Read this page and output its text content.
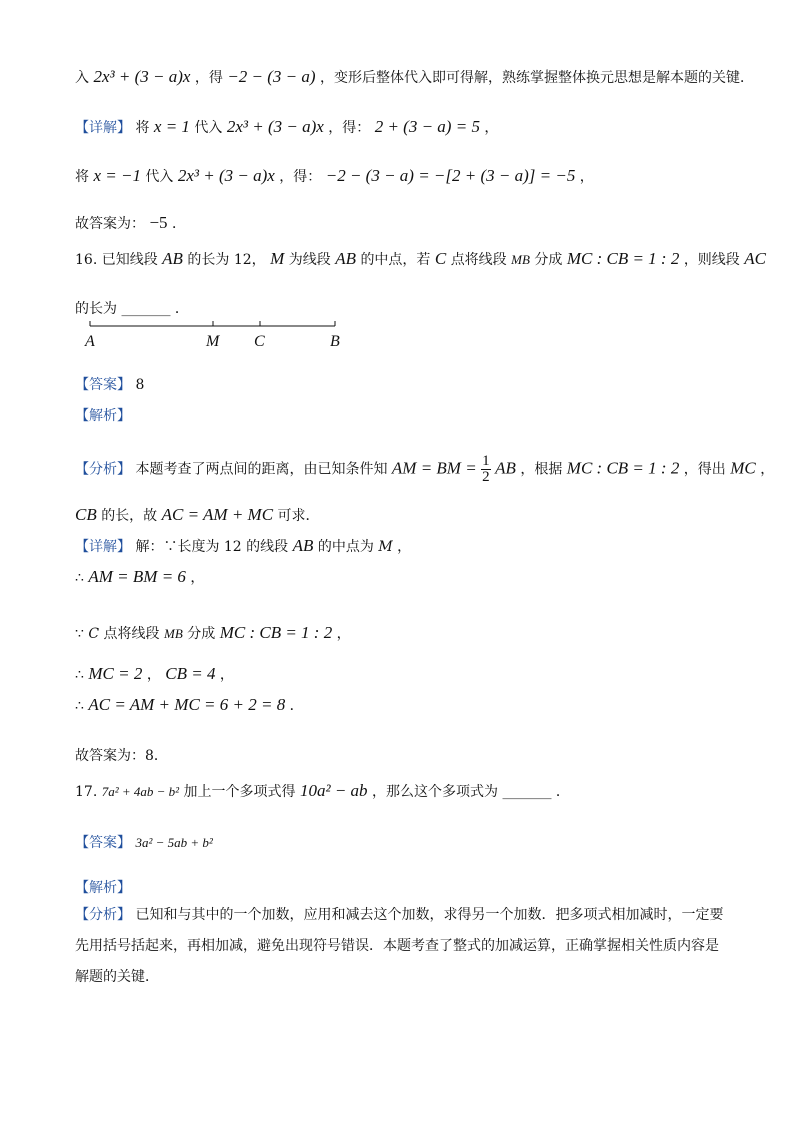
入 2x³ + (3 − a)x ，得 −2 − (3 − a) ，变形后整体代入即可得解，熟练掌握整体换元思想是解本题的关键．
【详解】 将 x = 1 代入 2x³ + (3 − a)x ，得： 2 + (3 − a) = 5 ，
将 x = −1 代入 2x³ + (3 − a)x ，得： −2 − (3 − a) = −[2 + (3 − a)] = −5 ，
故答案为： −5 ．
16. 已知线段 AB 的长为 12， M 为线段 AB 的中点，若 C 点将线段 MB 分成 MC : CB = 1 : 2 ，则线段 AC
的长为 _______ ．
A	M C	B
【答案】 8
【解析】
【分析】 本题考查了两点间的距离，由已知条件知 AM = BM = $\frac{1}{2}$ AB ，根据 MC : CB = 1 : 2 ，得出 MC ，
CB 的长，故 AC = AM + MC 可求．
【详解】 解：∵长度为 12 的线段 AB 的中点为 M ，
∴ AM = BM = 6 ，
∵ C 点将线段 MB 分成 MC : CB = 1 : 2 ，
∴ MC = 2 ， CB = 4 ，
∴ AC = AM + MC = 6 + 2 = 8 ．
故答案为：8．
17. 7a² + 4ab − b² 加上一个多项式得 10a² − ab ，那么这个多项式为 _______ ．
【答案】 3a² − 5ab + b²
【解析】
【分析】 已知和与其中的一个加数，应用和减去这个加数，求得另一个加数．把多项式相加减时，一定要
先用括号括起来，再相加减，避免出现符号错误．本题考查了整式的加减运算，正确掌握相关性质内容是
解题的关键．
